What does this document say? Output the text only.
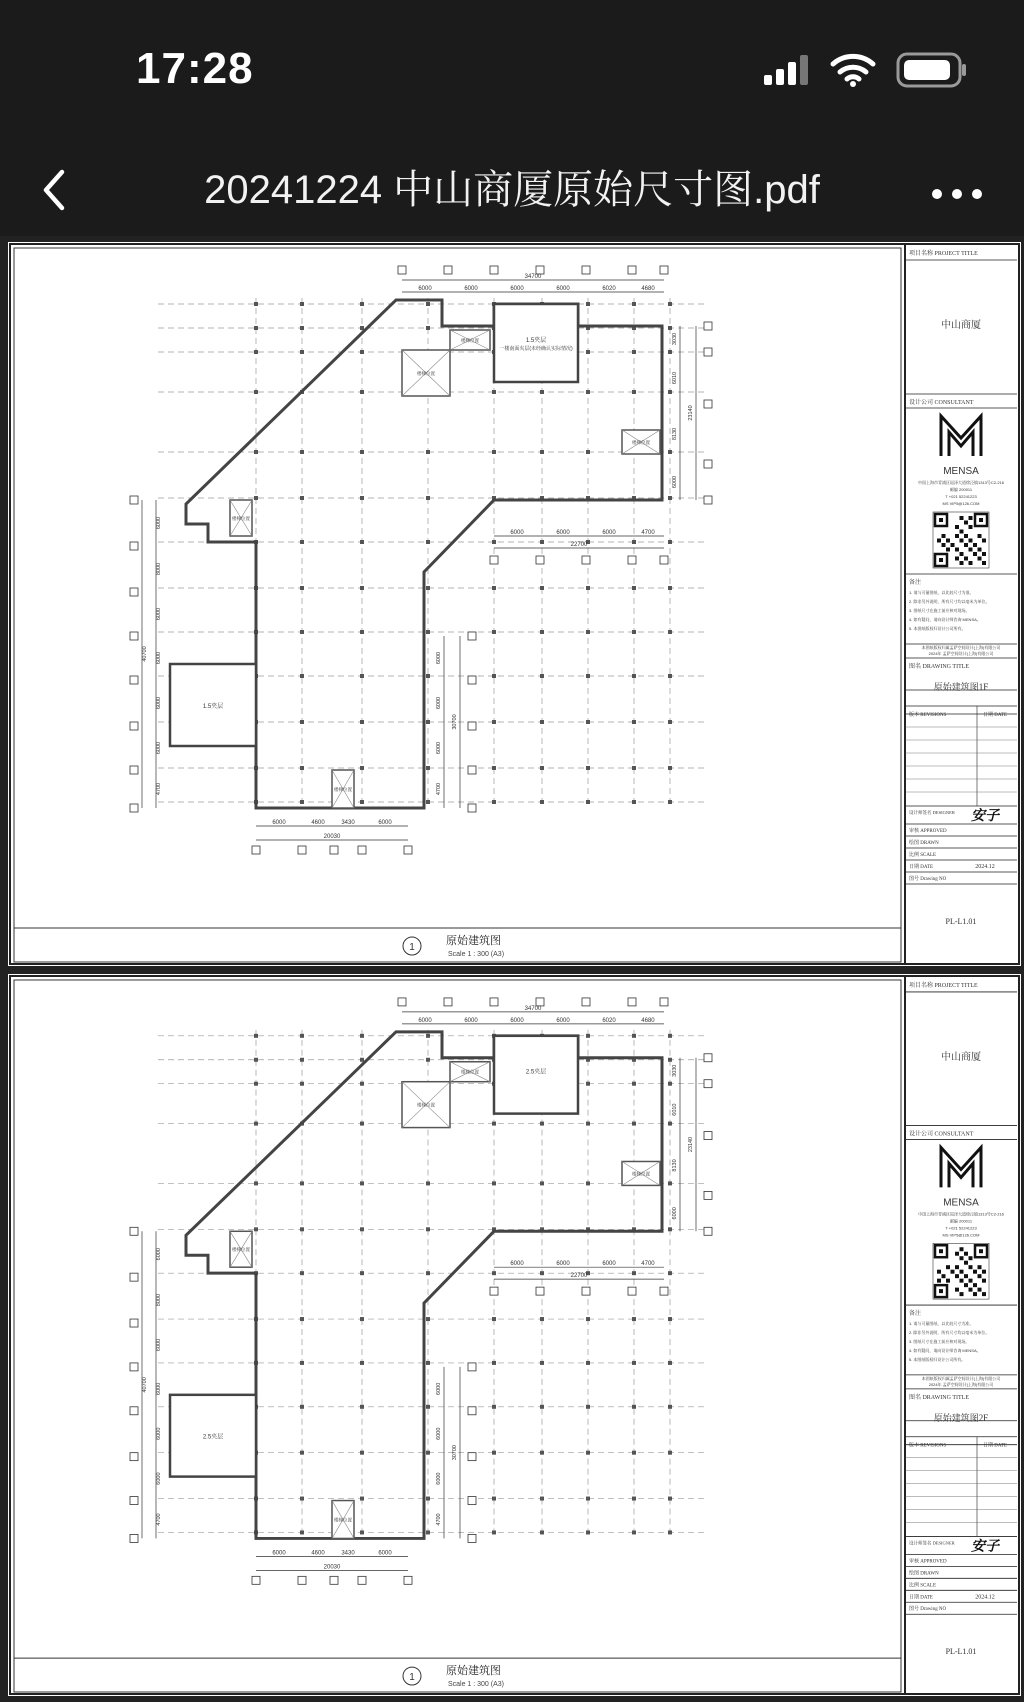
17:28
20241224 中山商厦原始尺寸图.pdf
34700
6000	6000	6000	6000	6020	4680
3030
6010
8130
6000
23140
6000	6000	6000	4700
22700
6000
8000
6000
6000
6000
6000
4700
40700	6000
6000
6000
4700
30700
6000	4600	3430	6000
20030
1.5夹层
一楼南面夹层(未经确认实际情况)
1.5夹层
楼梯位置
楼梯位置
楼梯位置
楼梯位置
楼梯位置
1
原始建筑图
Scale 1 : 300 (A3)
项目名称 PROJECT TITLE
中山商厦
设计公司 CONSULTANT
MENSA
中国上海市青浦区崧泽大道徐泾镇1313号C2-216
邮编 200011
T +021 52241223
MS VIP5@126.COM
备注
1. 请与可量图纸，以比较尺寸为准。
2. 除非另外说明，所有尺寸均以毫米为单位。
3. 图纸尺寸在施工前应核对现场。
4. 如有疑问，请向设计师咨询 MENSA。
5. 本图纸版权归设计公司所有。
本图纸版权归属孟萨空间设计(上海)有限公司
2024年 孟萨空间设计(上海)有限公司
图名 DRAWING TITLE
原始建筑图1F
版本 REVISIONS	日期 DATE
设计师签名 DESIGNER 安子
审核 APPROVED
绘图 DRAWN
比例 SCALE
日期 DATE	2024.12
图号 Drawing NO
PL-L1.01
34700
6000	6000	6000	6000	6020	4680
3030
6010
8130
6000
23140
6000	6000	6000	4700
22700
6000
8000
6000
6000
6000
6000
4700
40700	6000
6000
6000
4700
30700
6000	4600	3430	6000
20030
2.5夹层
2.5夹层
楼梯位置
楼梯位置
楼梯位置
楼梯位置
楼梯位置
1
原始建筑图
Scale 1 : 300 (A3)
项目名称 PROJECT TITLE
中山商厦
设计公司 CONSULTANT
MENSA
中国上海市青浦区崧泽大道徐泾镇1313号C2-216
邮编 200011
T +021 52241223
MS VIP5@126.COM
备注
1. 请与可量图纸，以比较尺寸为准。
2. 除非另外说明，所有尺寸均以毫米为单位。
3. 图纸尺寸在施工前应核对现场。
4. 如有疑问，请向设计师咨询 MENSA。
5. 本图纸版权归设计公司所有。
本图纸版权归属孟萨空间设计(上海)有限公司
2024年 孟萨空间设计(上海)有限公司
图名 DRAWING TITLE
原始建筑图2F
版本 REVISIONS	日期 DATE
设计师签名 DESIGNER 安子
审核 APPROVED
绘图 DRAWN
比例 SCALE
日期 DATE	2024.12
图号 Drawing NO
PL-L1.01
